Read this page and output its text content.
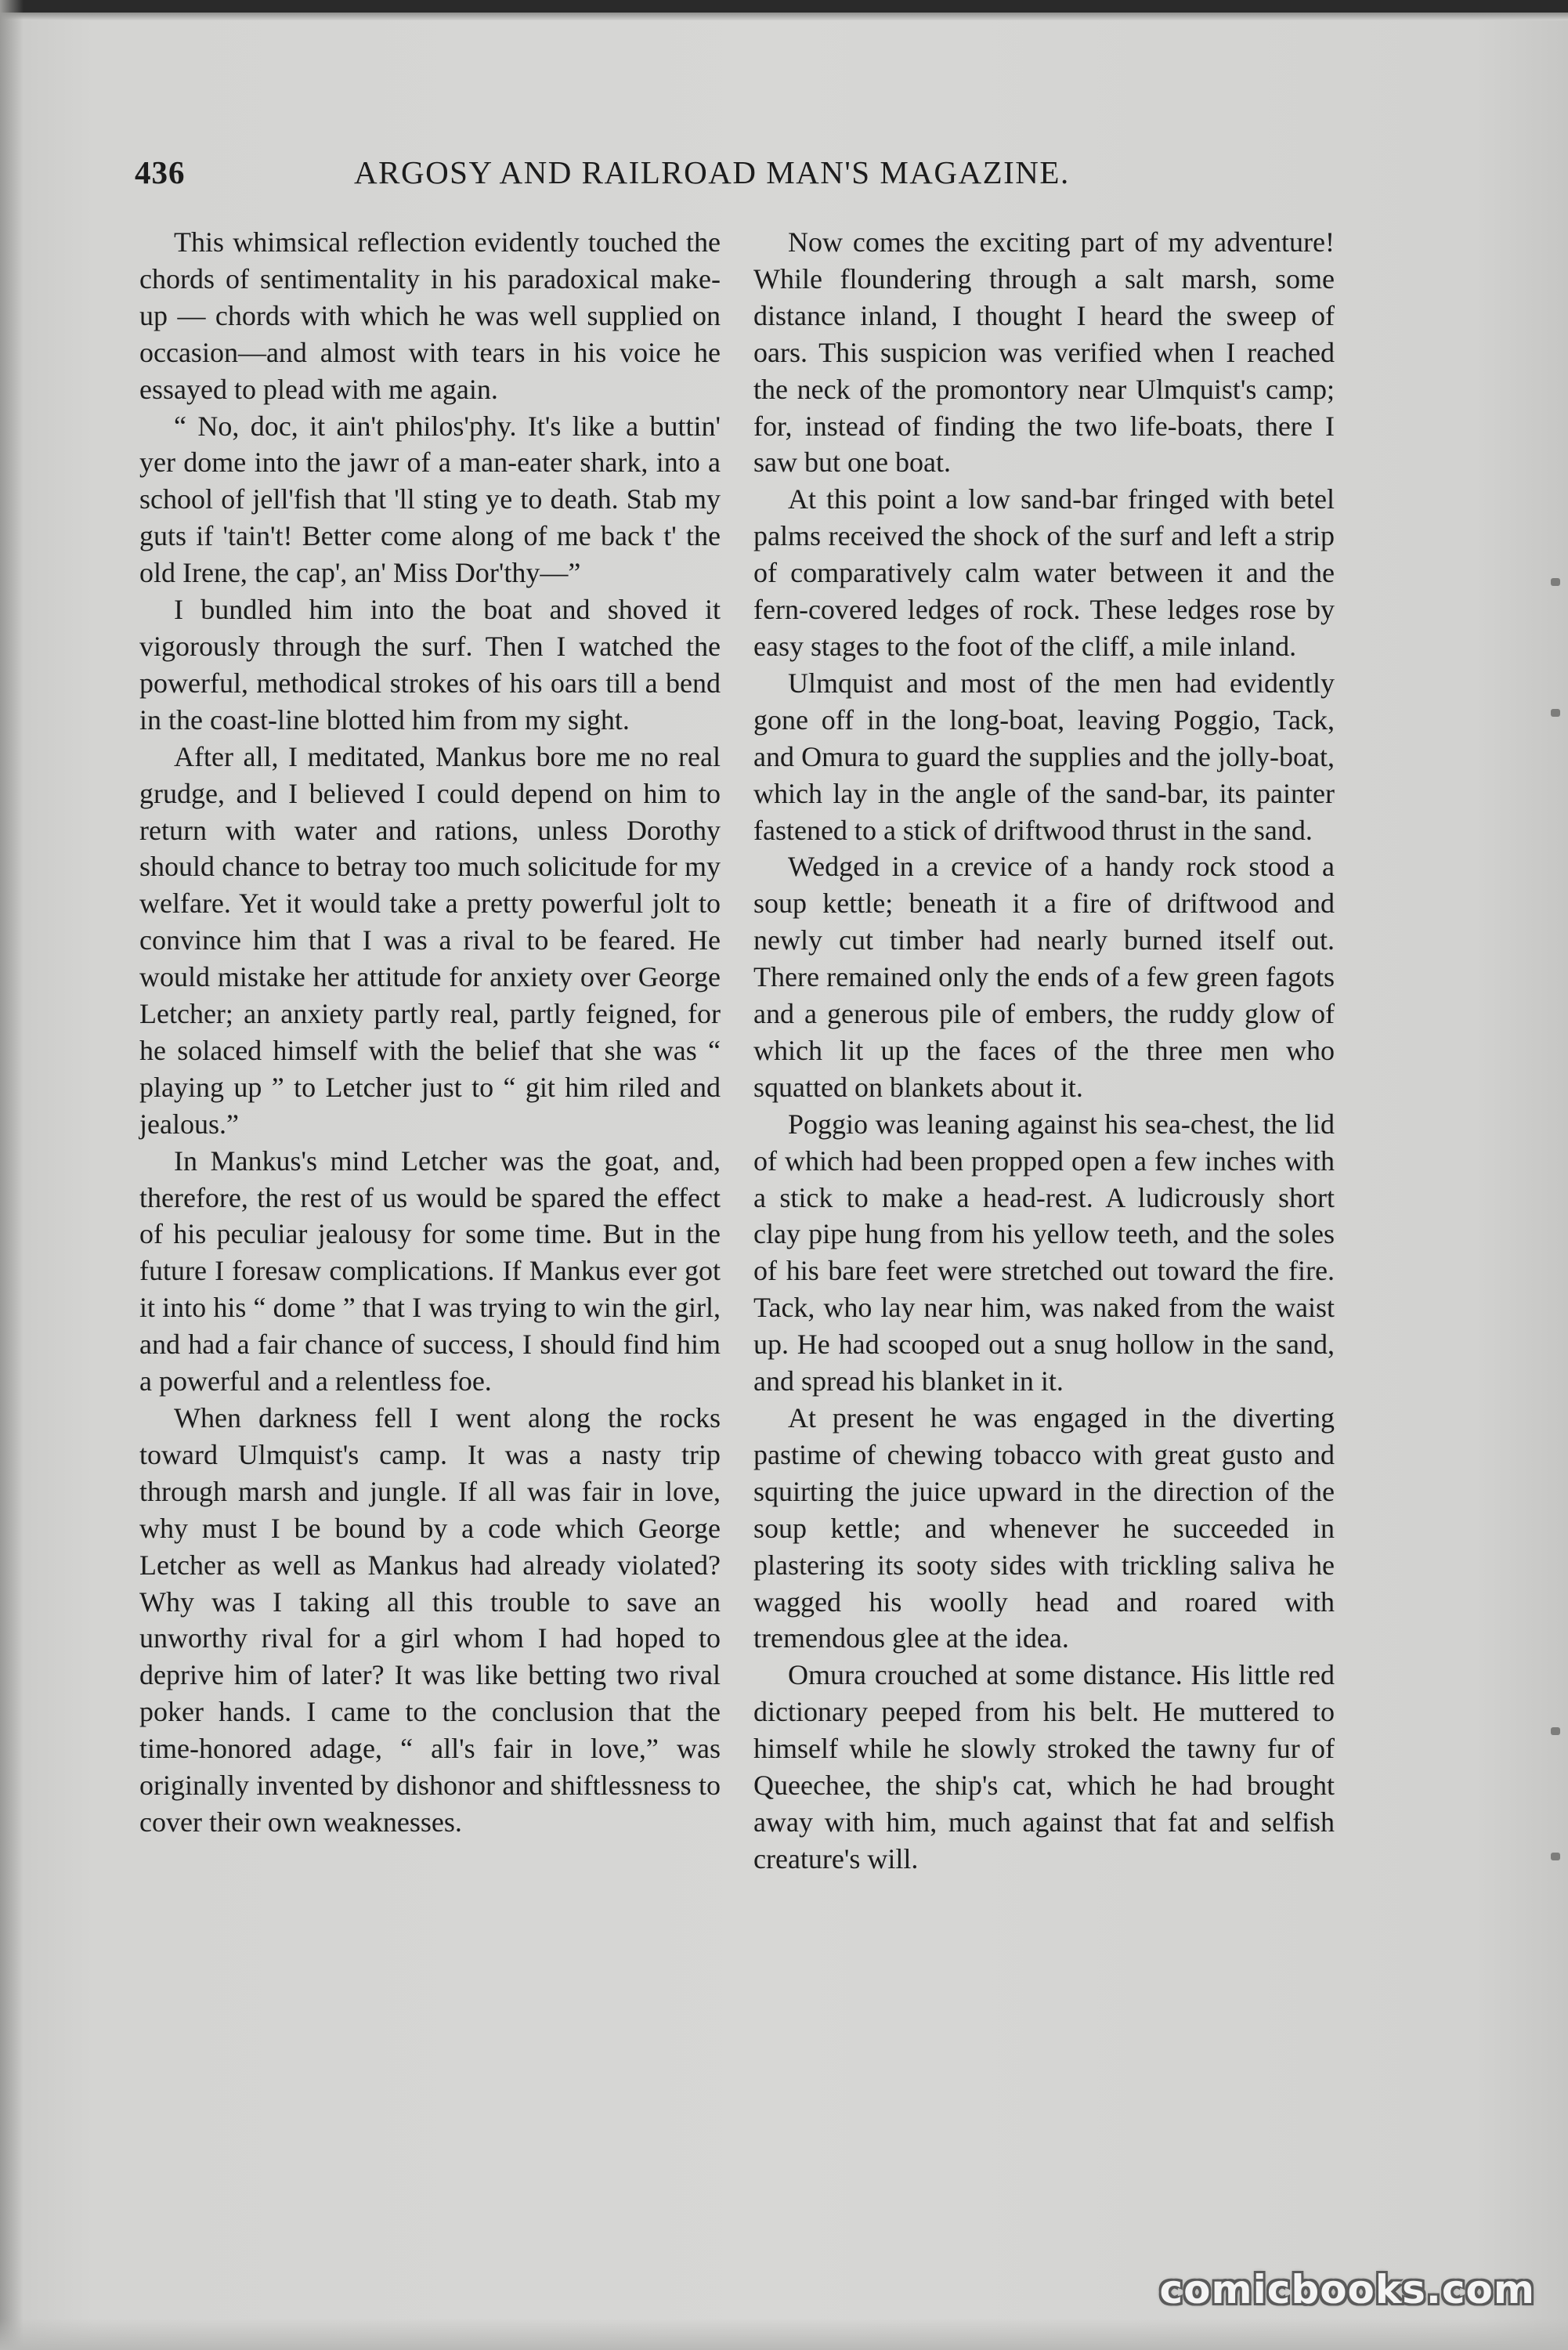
436	ARGOSY AND RAILROAD MAN'S MAGAZINE.

This whimsical reflection evidently touched the chords of sentimentality in his paradoxical make-up — chords with which he was well supplied on occasion—and almost with tears in his voice he essayed to plead with me again.

“ No, doc, it ain't philos'phy. It's like a buttin' yer dome into the jawr of a man-eater shark, into a school of jell'fish that 'll sting ye to death. Stab my guts if 'tain't! Better come along of me back t' the old Irene, the cap', an' Miss Dor'thy—”

I bundled him into the boat and shoved it vigorously through the surf. Then I watched the powerful, methodical strokes of his oars till a bend in the coast-line blotted him from my sight.

After all, I meditated, Mankus bore me no real grudge, and I believed I could depend on him to return with water and rations, unless Dorothy should chance to betray too much solicitude for my welfare. Yet it would take a pretty powerful jolt to convince him that I was a rival to be feared. He would mistake her attitude for anxiety over George Letcher; an anxiety partly real, partly feigned, for he solaced himself with the belief that she was “ playing up ” to Letcher just to “ git him riled and jealous.”

In Mankus's mind Letcher was the goat, and, therefore, the rest of us would be spared the effect of his peculiar jealousy for some time. But in the future I foresaw complications. If Mankus ever got it into his “ dome ” that I was trying to win the girl, and had a fair chance of success, I should find him a powerful and a relentless foe.

When darkness fell I went along the rocks toward Ulmquist's camp. It was a nasty trip through marsh and jungle. If all was fair in love, why must I be bound by a code which George Letcher as well as Mankus had already violated? Why was I taking all this trouble to save an unworthy rival for a girl whom I had hoped to deprive him of later? It was like betting two rival poker hands. I came to the conclusion that the time-honored adage, “ all's fair in love,” was originally invented by dishonor and shiftlessness to cover their own weaknesses.

Now comes the exciting part of my adventure! While floundering through a salt marsh, some distance inland, I thought I heard the sweep of oars. This suspicion was verified when I reached the neck of the promontory near Ulmquist's camp; for, instead of finding the two life-boats, there I saw but one boat.

At this point a low sand-bar fringed with betel palms received the shock of the surf and left a strip of comparatively calm water between it and the fern-covered ledges of rock. These ledges rose by easy stages to the foot of the cliff, a mile inland.

Ulmquist and most of the men had evidently gone off in the long-boat, leaving Poggio, Tack, and Omura to guard the supplies and the jolly-boat, which lay in the angle of the sand-bar, its painter fastened to a stick of driftwood thrust in the sand.

Wedged in a crevice of a handy rock stood a soup kettle; beneath it a fire of driftwood and newly cut timber had nearly burned itself out. There remained only the ends of a few green fagots and a generous pile of embers, the ruddy glow of which lit up the faces of the three men who squatted on blankets about it.

Poggio was leaning against his sea-chest, the lid of which had been propped open a few inches with a stick to make a head-rest. A ludicrously short clay pipe hung from his yellow teeth, and the soles of his bare feet were stretched out toward the fire. Tack, who lay near him, was naked from the waist up. He had scooped out a snug hollow in the sand, and spread his blanket in it.

At present he was engaged in the diverting pastime of chewing tobacco with great gusto and squirting the juice upward in the direction of the soup kettle; and whenever he succeeded in plastering its sooty sides with trickling saliva he wagged his woolly head and roared with tremendous glee at the idea.

Omura crouched at some distance. His little red dictionary peeped from his belt. He muttered to himself while he slowly stroked the tawny fur of Queechee, the ship's cat, which he had brought away with him, much against that fat and selfish creature's will.

comicbooks.com
